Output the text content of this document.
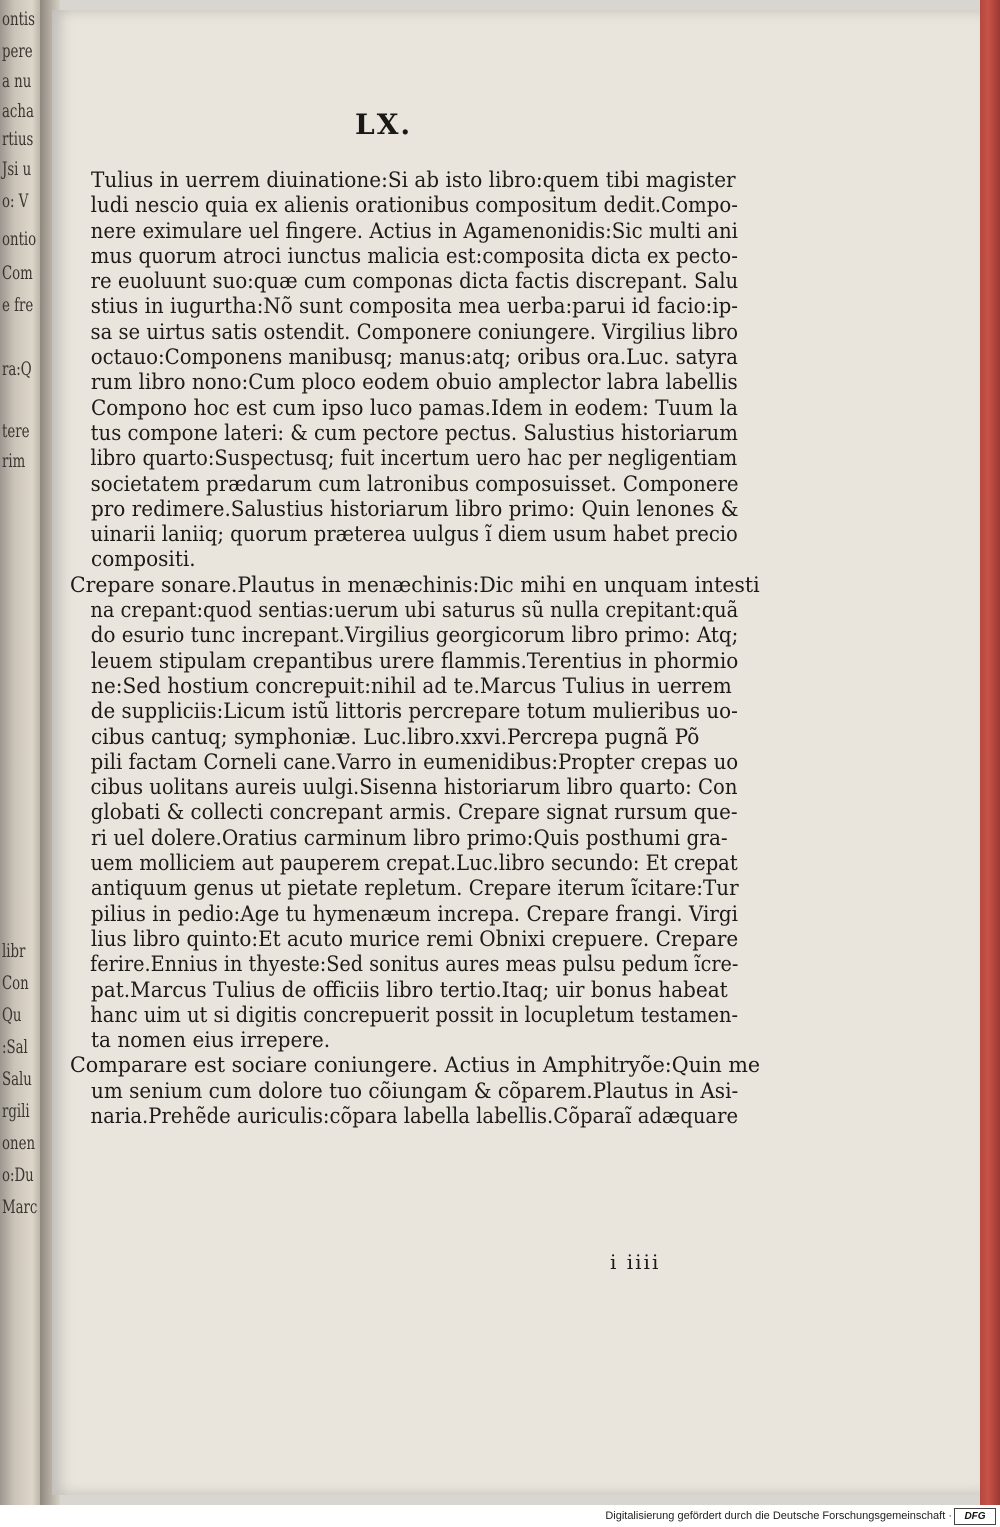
ontis
pere
a nu
acha
rtius
Jsi u
o: V
ontio
Com
e fre
ra:Q
tere
rim
libr
Con
Qu
:Sal
Salu
rgili
onen
o:Du
Marc
LX.
Tulius in uerrem diuinatione:Si ab isto libro:quem tibi magister
ludi nescio quia ex alienis orationibus compositum dedit.Compo-
nere eximulare uel fingere. Actius in Agamenonidis:Sic multi ani
mus quorum atroci iunctus malicia est:composita dicta ex pecto-
re euoluunt suo:quæ cum componas dicta factis discrepant. Salu
stius in iugurtha:Nõ sunt composita mea uerba:parui id facio:ip-
sa se uirtus satis ostendit. Componere coniungere. Virgilius libro
octauo:Componens manibusq; manus:atq; oribus ora.Luc. satyra
rum libro nono:Cum ploco eodem obuio amplector labra labellis
Compono hoc est cum ipso luco pamas.Idem in eodem: Tuum la
tus compone lateri: & cum pectore pectus. Salustius historiarum
libro quarto:Suspectusq; fuit incertum uero hac per negligentiam
societatem prædarum cum latronibus composuisset. Componere
pro redimere.Salustius historiarum libro primo: Quin lenones &
uinarii laniiq; quorum præterea uulgus ĩ diem usum habet precio
compositi.
Crepare sonare.Plautus in menæchinis:Dic mihi en unquam intesti
na crepant:quod sentias:uerum ubi saturus sũ nulla crepitant:quã
do esurio tunc increpant.Virgilius georgicorum libro primo: Atq;
leuem stipulam crepantibus urere flammis.Terentius in phormio
ne:Sed hostium concrepuit:nihil ad te.Marcus Tulius in uerrem
de suppliciis:Licum istũ littoris percrepare totum mulieribus uo-
cibus cantuq; symphoniæ. Luc.libro.xxvi.Percrepa pugnã Põ
pili factam Corneli cane.Varro in eumenidibus:Propter crepas uo
cibus uolitans aureis uulgi.Sisenna historiarum libro quarto: Con
globati & collecti concrepant armis. Crepare signat rursum que-
ri uel dolere.Oratius carminum libro primo:Quis posthumi gra-
uem molliciem aut pauperem crepat.Luc.libro secundo: Et crepat
antiquum genus ut pietate repletum. Crepare iterum ĩcitare:Tur
pilius in pedio:Age tu hymenæum increpa. Crepare frangi. Virgi
lius libro quinto:Et acuto murice remi Obnixi crepuere. Crepare
ferire.Ennius in thyeste:Sed sonitus aures meas pulsu pedum ĩcre-
pat.Marcus Tulius de officiis libro tertio.Itaq; uir bonus habeat
hanc uim ut si digitis concrepuerit possit in locupletum testamen-
ta nomen eius irrepere.
Comparare est sociare coniungere. Actius in Amphitryõe:Quin me
um senium cum dolore tuo cõiungam & cõparem.Plautus in Asi-
naria.Prehẽde auriculis:cõpara labella labellis.Cõparaĩ adæquare
i iiii
Digitalisierung gefördert durch die Deutsche Forschungsgemeinschaft ·	DFG
